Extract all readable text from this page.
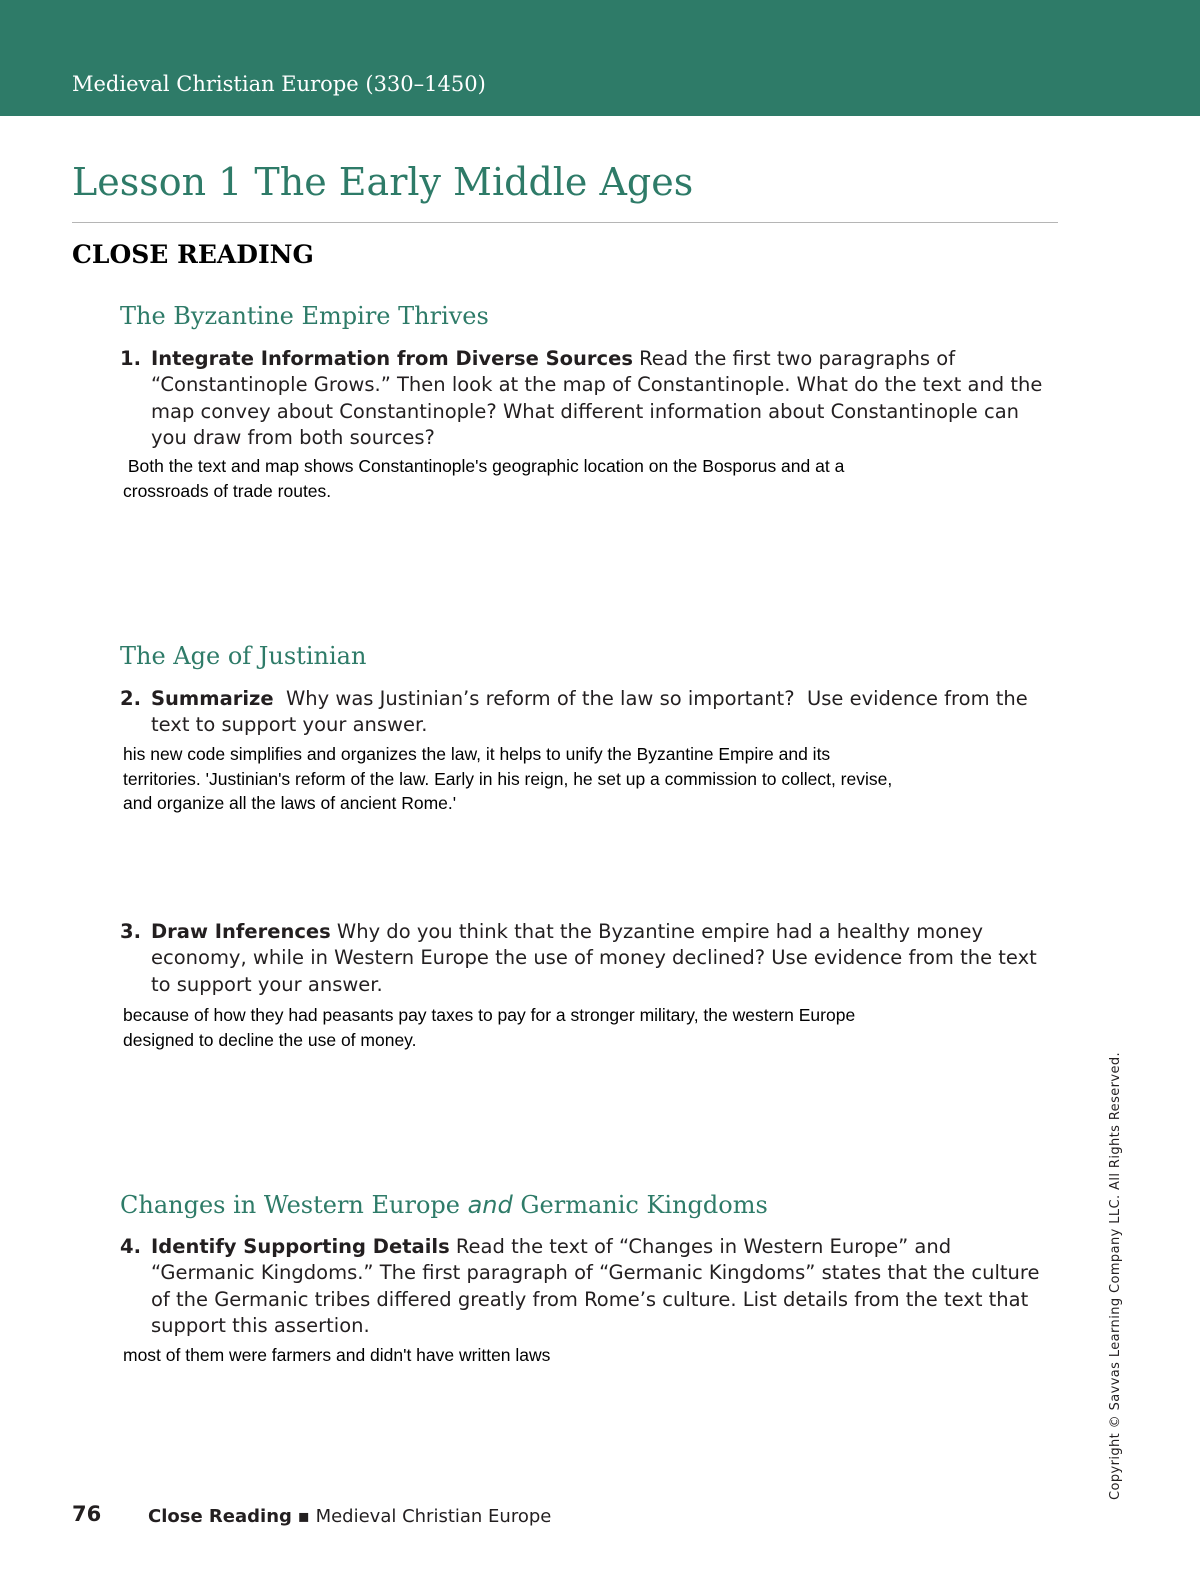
Medieval Christian Europe (330–1450)
Lesson 1 The Early Middle Ages
CLOSE READING
The Byzantine Empire Thrives
1. Integrate Information from Diverse Sources Read the first two paragraphs of “Constantinople Grows.” Then look at the map of Constantinople. What do the text and the map convey about Constantinople? What different information about Constantinople can you draw from both sources?
Both the text and map shows Constantinople's geographic location on the Bosporus and at a
crossroads of trade routes.
The Age of Justinian
2. Summarize  Why was Justinian’s reform of the law so important?  Use evidence from the text to support your answer.
his new code simplifies and organizes the law, it helps to unify the Byzantine Empire and its
territories. 'Justinian's reform of the law. Early in his reign, he set up a commission to collect, revise,
and organize all the laws of ancient Rome.'
3. Draw Inferences Why do you think that the Byzantine empire had a healthy money economy, while in Western Europe the use of money declined? Use evidence from the text to support your answer.
because of how they had peasants pay taxes to pay for a stronger military, the western Europe
designed to decline the use of money.
Changes in Western Europe and Germanic Kingdoms
4. Identify Supporting Details Read the text of “Changes in Western Europe” and “Germanic Kingdoms.” The first paragraph of “Germanic Kingdoms” states that the culture of the Germanic tribes differed greatly from Rome’s culture. List details from the text that support this assertion.
most of them were farmers and didn't have written laws
76	Close Reading ▪ Medieval Christian Europe
Copyright © Savvas Learning Company LLC. All Rights Reserved.
